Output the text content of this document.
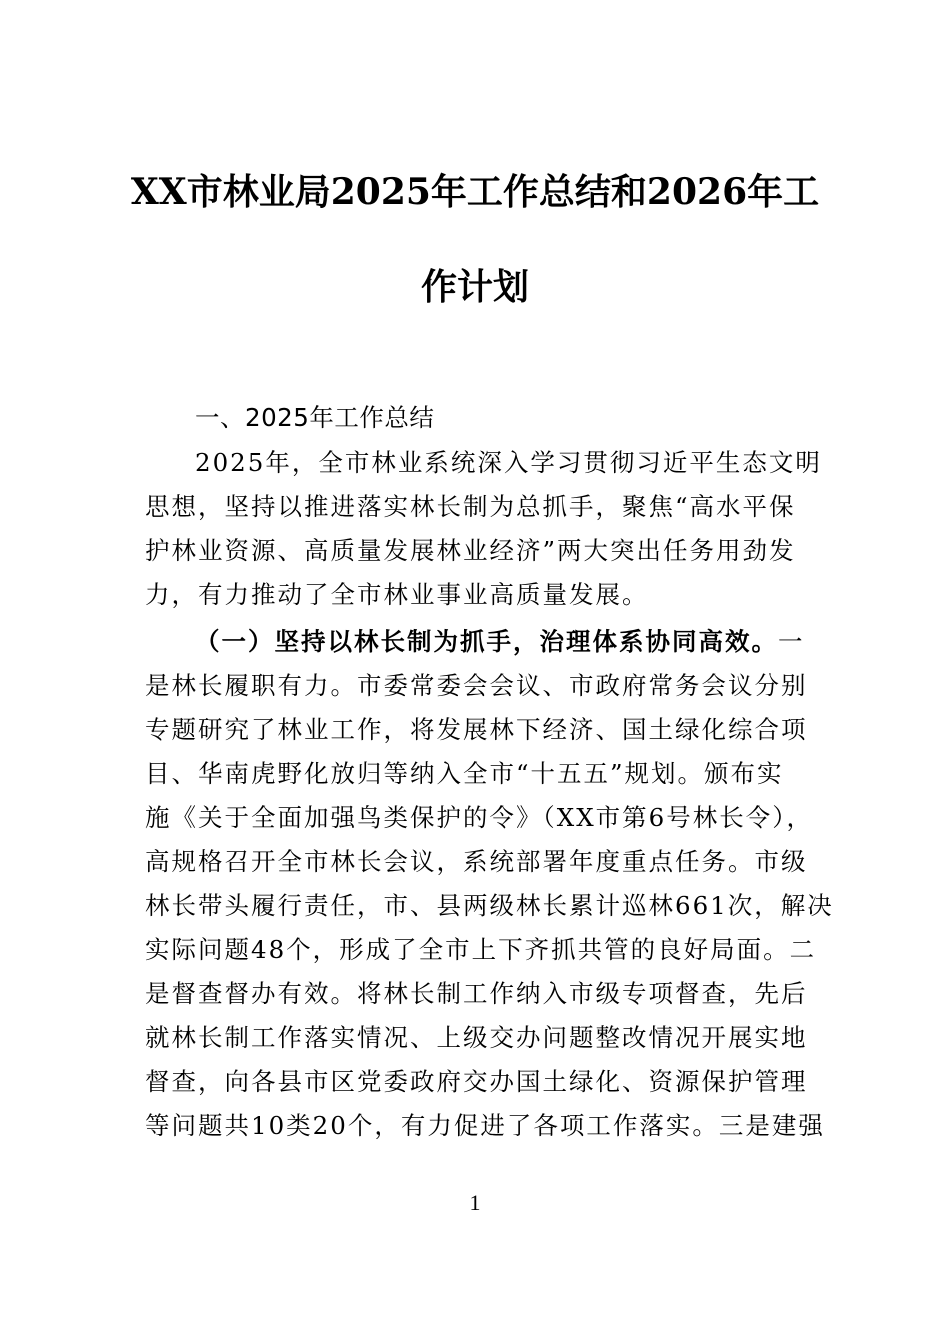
XX市林业局2025年工作总结和2026年工
作计划

一、2025年工作总结

2025年，全市林业系统深入学习贯彻习近平生态文明

思想，坚持以推进落实林长制为总抓手，聚焦“高水平保

护林业资源、高质量发展林业经济”两大突出任务用劲发

力，有力推动了全市林业事业高质量发展。

（一）坚持以林长制为抓手，治理体系协同高效。一

是林长履职有力。市委常委会会议、市政府常务会议分别

专题研究了林业工作，将发展林下经济、国土绿化综合项

目、华南虎野化放归等纳入全市“十五五”规划。颁布实

施《关于全面加强鸟类保护的令》（XX市第6号林长令），

高规格召开全市林长会议，系统部署年度重点任务。市级

林长带头履行责任，市、县两级林长累计巡林661次，解决

实际问题48个，形成了全市上下齐抓共管的良好局面。二

是督查督办有效。将林长制工作纳入市级专项督查，先后

就林长制工作落实情况、上级交办问题整改情况开展实地

督查，向各县市区党委政府交办国土绿化、资源保护管理

等问题共10类20个，有力促进了各项工作落实。三是建强

1
